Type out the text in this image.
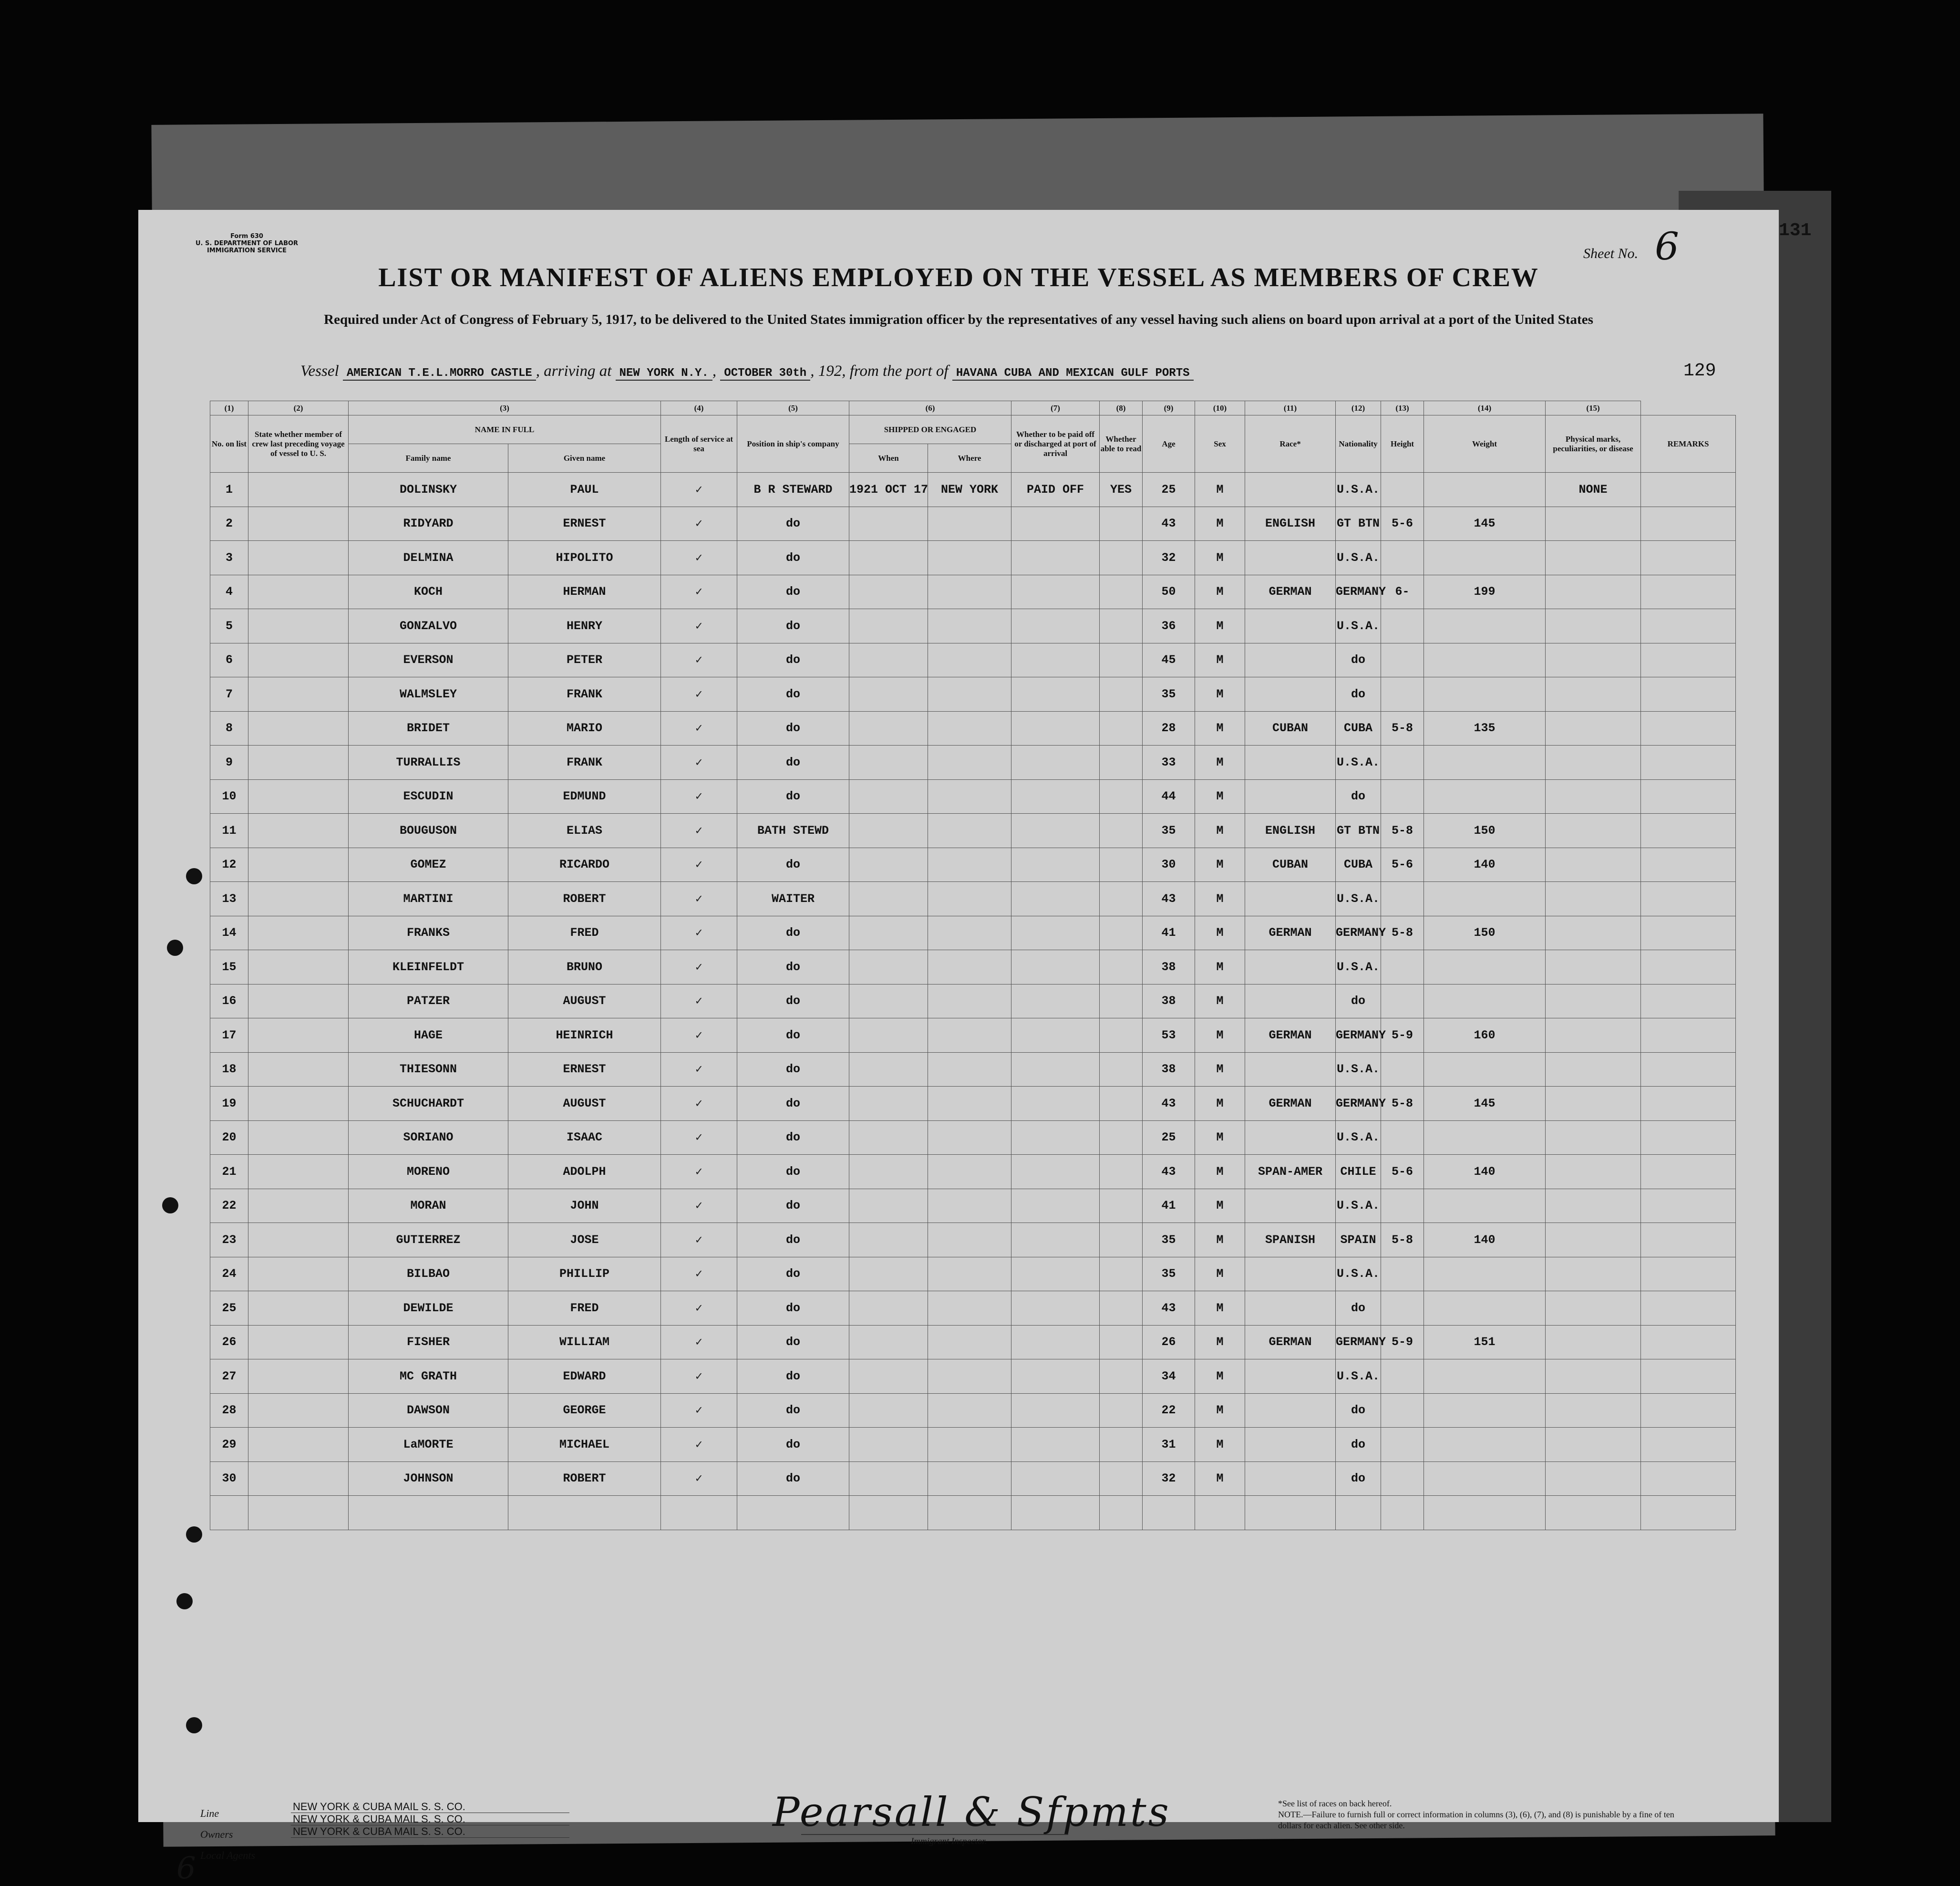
Form 630
U. S. DEPARTMENT OF LABOR
IMMIGRATION SERVICE	Sheet No. 6	131
LIST OR MANIFEST OF ALIENS EMPLOYED ON THE VESSEL AS MEMBERS OF CREW
Required under Act of Congress of February 5, 1917, to be delivered to the United States immigration officer by the representatives of any vessel having such aliens on board upon arrival at a port of the United States
Vessel AMERICAN T.E.L.MORRO CASTLE , arriving at NEW YORK N.Y. , OCTOBER 30th , 192, from the port of HAVANA CUBA AND MEXICAN GULF PORTS	129
(1)	(2)	(3)		(4)	(5)	(6)		(7)	(8)	(9)	(10)	(11)	(12)	(13)	(14)	(15)	
No. on list	State whether member of crew last preceding voyage of vessel to U. S.	NAME IN FULL		Length of service at sea	Position in ship's company	SHIPPED OR ENGAGED		Whether to be paid off or discharged at port of arrival	Whether able to read	Age	Sex	Race*	Nationality	Height	Weight	Physical marks, peculiarities, or disease	REMARKS
		Family name	Given name			When	Where										
1		DOLINSKY	PAUL	✓	B R STEWARD	1921 OCT 17	NEW YORK	PAID OFF	YES	25	M		U.S.A.			NONE	
2		RIDYARD	ERNEST	✓	do					43	M	ENGLISH	GT BTN	5-6	145		
3		DELMINA	HIPOLITO	✓	do					32	M		U.S.A.				
4		KOCH	HERMAN	✓	do					50	M	GERMAN	GERMANY	6-	199		
5		GONZALVO	HENRY	✓	do					36	M		U.S.A.				
6		EVERSON	PETER	✓	do					45	M		do				
7		WALMSLEY	FRANK	✓	do					35	M		do				
8		BRIDET	MARIO	✓	do					28	M	CUBAN	CUBA	5-8	135		
9		TURRALLIS	FRANK	✓	do					33	M		U.S.A.				
10		ESCUDIN	EDMUND	✓	do					44	M		do				
11		BOUGUSON	ELIAS	✓	BATH STEWD					35	M	ENGLISH	GT BTN	5-8	150		
12		GOMEZ	RICARDO	✓	do					30	M	CUBAN	CUBA	5-6	140		
13		MARTINI	ROBERT	✓	WAITER					43	M		U.S.A.				
14		FRANKS	FRED	✓	do					41	M	GERMAN	GERMANY	5-8	150		
15		KLEINFELDT	BRUNO	✓	do					38	M		U.S.A.				
16		PATZER	AUGUST	✓	do					38	M		do				
17		HAGE	HEINRICH	✓	do					53	M	GERMAN	GERMANY	5-9	160		
18		THIESONN	ERNEST	✓	do					38	M		U.S.A.				
19		SCHUCHARDT	AUGUST	✓	do					43	M	GERMAN	GERMANY	5-8	145		
20		SORIANO	ISAAC	✓	do					25	M		U.S.A.				
21		MORENO	ADOLPH	✓	do					43	M	SPAN-AMER	CHILE	5-6	140		
22		MORAN	JOHN	✓	do					41	M		U.S.A.				
23		GUTIERREZ	JOSE	✓	do					35	M	SPANISH	SPAIN	5-8	140		
24		BILBAO	PHILLIP	✓	do					35	M		U.S.A.				
25		DEWILDE	FRED	✓	do					43	M		do				
26		FISHER	WILLIAM	✓	do					26	M	GERMAN	GERMANY	5-9	151		
27		MC GRATH	EDWARD	✓	do					34	M		U.S.A.				
28		DAWSON	GEORGE	✓	do					22	M		do				
29		LaMORTE	MICHAEL	✓	do					31	M		do				
30		JOHNSON	ROBERT	✓	do					32	M		do				

Line
Owners
Local Agents
NEW YORK & CUBA MAIL S. S. CO.
NEW YORK & CUBA MAIL S. S. CO.
NEW YORK & CUBA MAIL S. S. CO.
6
Pearsall & Sfpmts
Immigrant Inspector.
*See list of races on back hereof.
NOTE.—Failure to furnish full or correct information in columns (3), (6), (7), and (8) is punishable by a fine of ten dollars for each alien. See other side.
